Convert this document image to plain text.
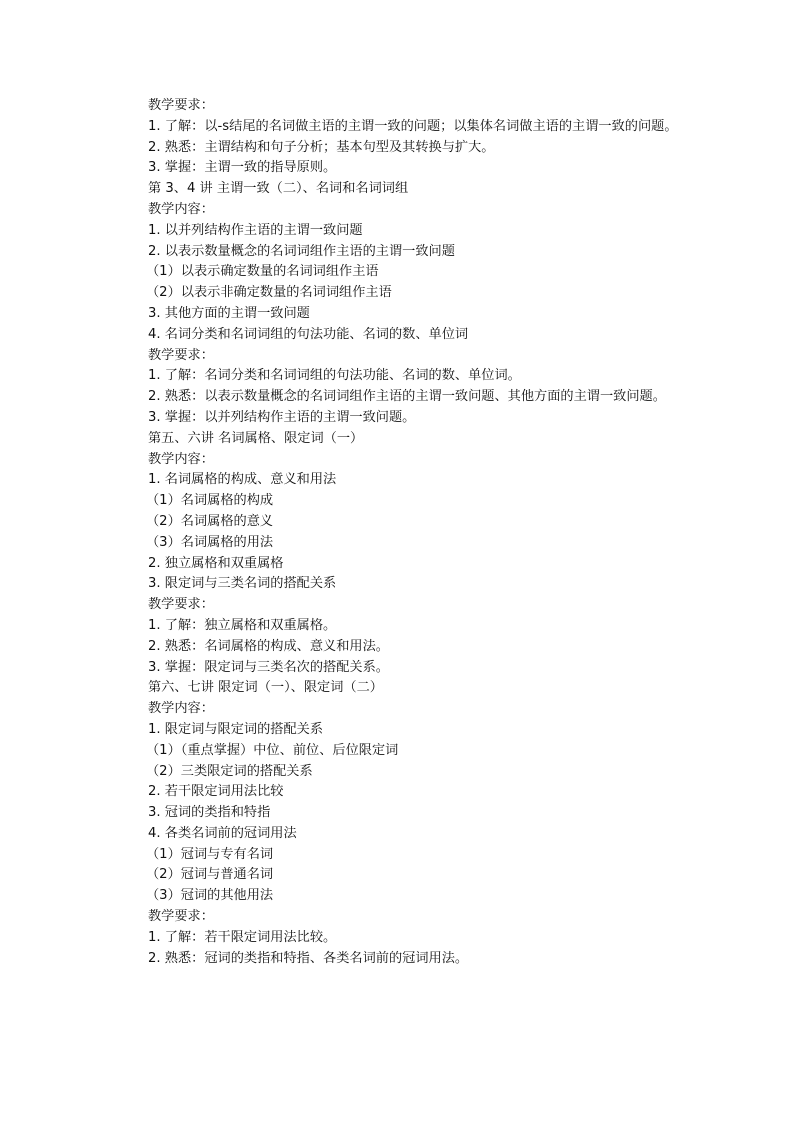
教学要求：
1. 了解：以-s结尾的名词做主语的主谓一致的问题；以集体名词做主语的主谓一致的问题。
2. 熟悉：主谓结构和句子分析；基本句型及其转换与扩大。
3. 掌握：主谓一致的指导原则。
第 3、4 讲 主谓一致（二）、名词和名词词组
教学内容：
1. 以并列结构作主语的主谓一致问题
2. 以表示数量概念的名词词组作主语的主谓一致问题
（1）以表示确定数量的名词词组作主语
（2）以表示非确定数量的名词词组作主语
3. 其他方面的主谓一致问题
4. 名词分类和名词词组的句法功能、名词的数、单位词
教学要求：
1. 了解：名词分类和名词词组的句法功能、名词的数、单位词。
2. 熟悉：以表示数量概念的名词词组作主语的主谓一致问题、其他方面的主谓一致问题。
3. 掌握：以并列结构作主语的主谓一致问题。
第五、六讲 名词属格、限定词（一）
教学内容：
1. 名词属格的构成、意义和用法
（1）名词属格的构成
（2）名词属格的意义
（3）名词属格的用法
2. 独立属格和双重属格
3. 限定词与三类名词的搭配关系
教学要求：
1. 了解：独立属格和双重属格。
2. 熟悉：名词属格的构成、意义和用法。
3. 掌握：限定词与三类名次的搭配关系。
第六、七讲 限定词（一）、限定词（二）
教学内容：
1. 限定词与限定词的搭配关系
（1）（重点掌握）中位、前位、后位限定词
（2）三类限定词的搭配关系
2. 若干限定词用法比较
3. 冠词的类指和特指
4. 各类名词前的冠词用法
（1）冠词与专有名词
（2）冠词与普通名词
（3）冠词的其他用法
教学要求：
1. 了解：若干限定词用法比较。
2. 熟悉：冠词的类指和特指、各类名词前的冠词用法。
